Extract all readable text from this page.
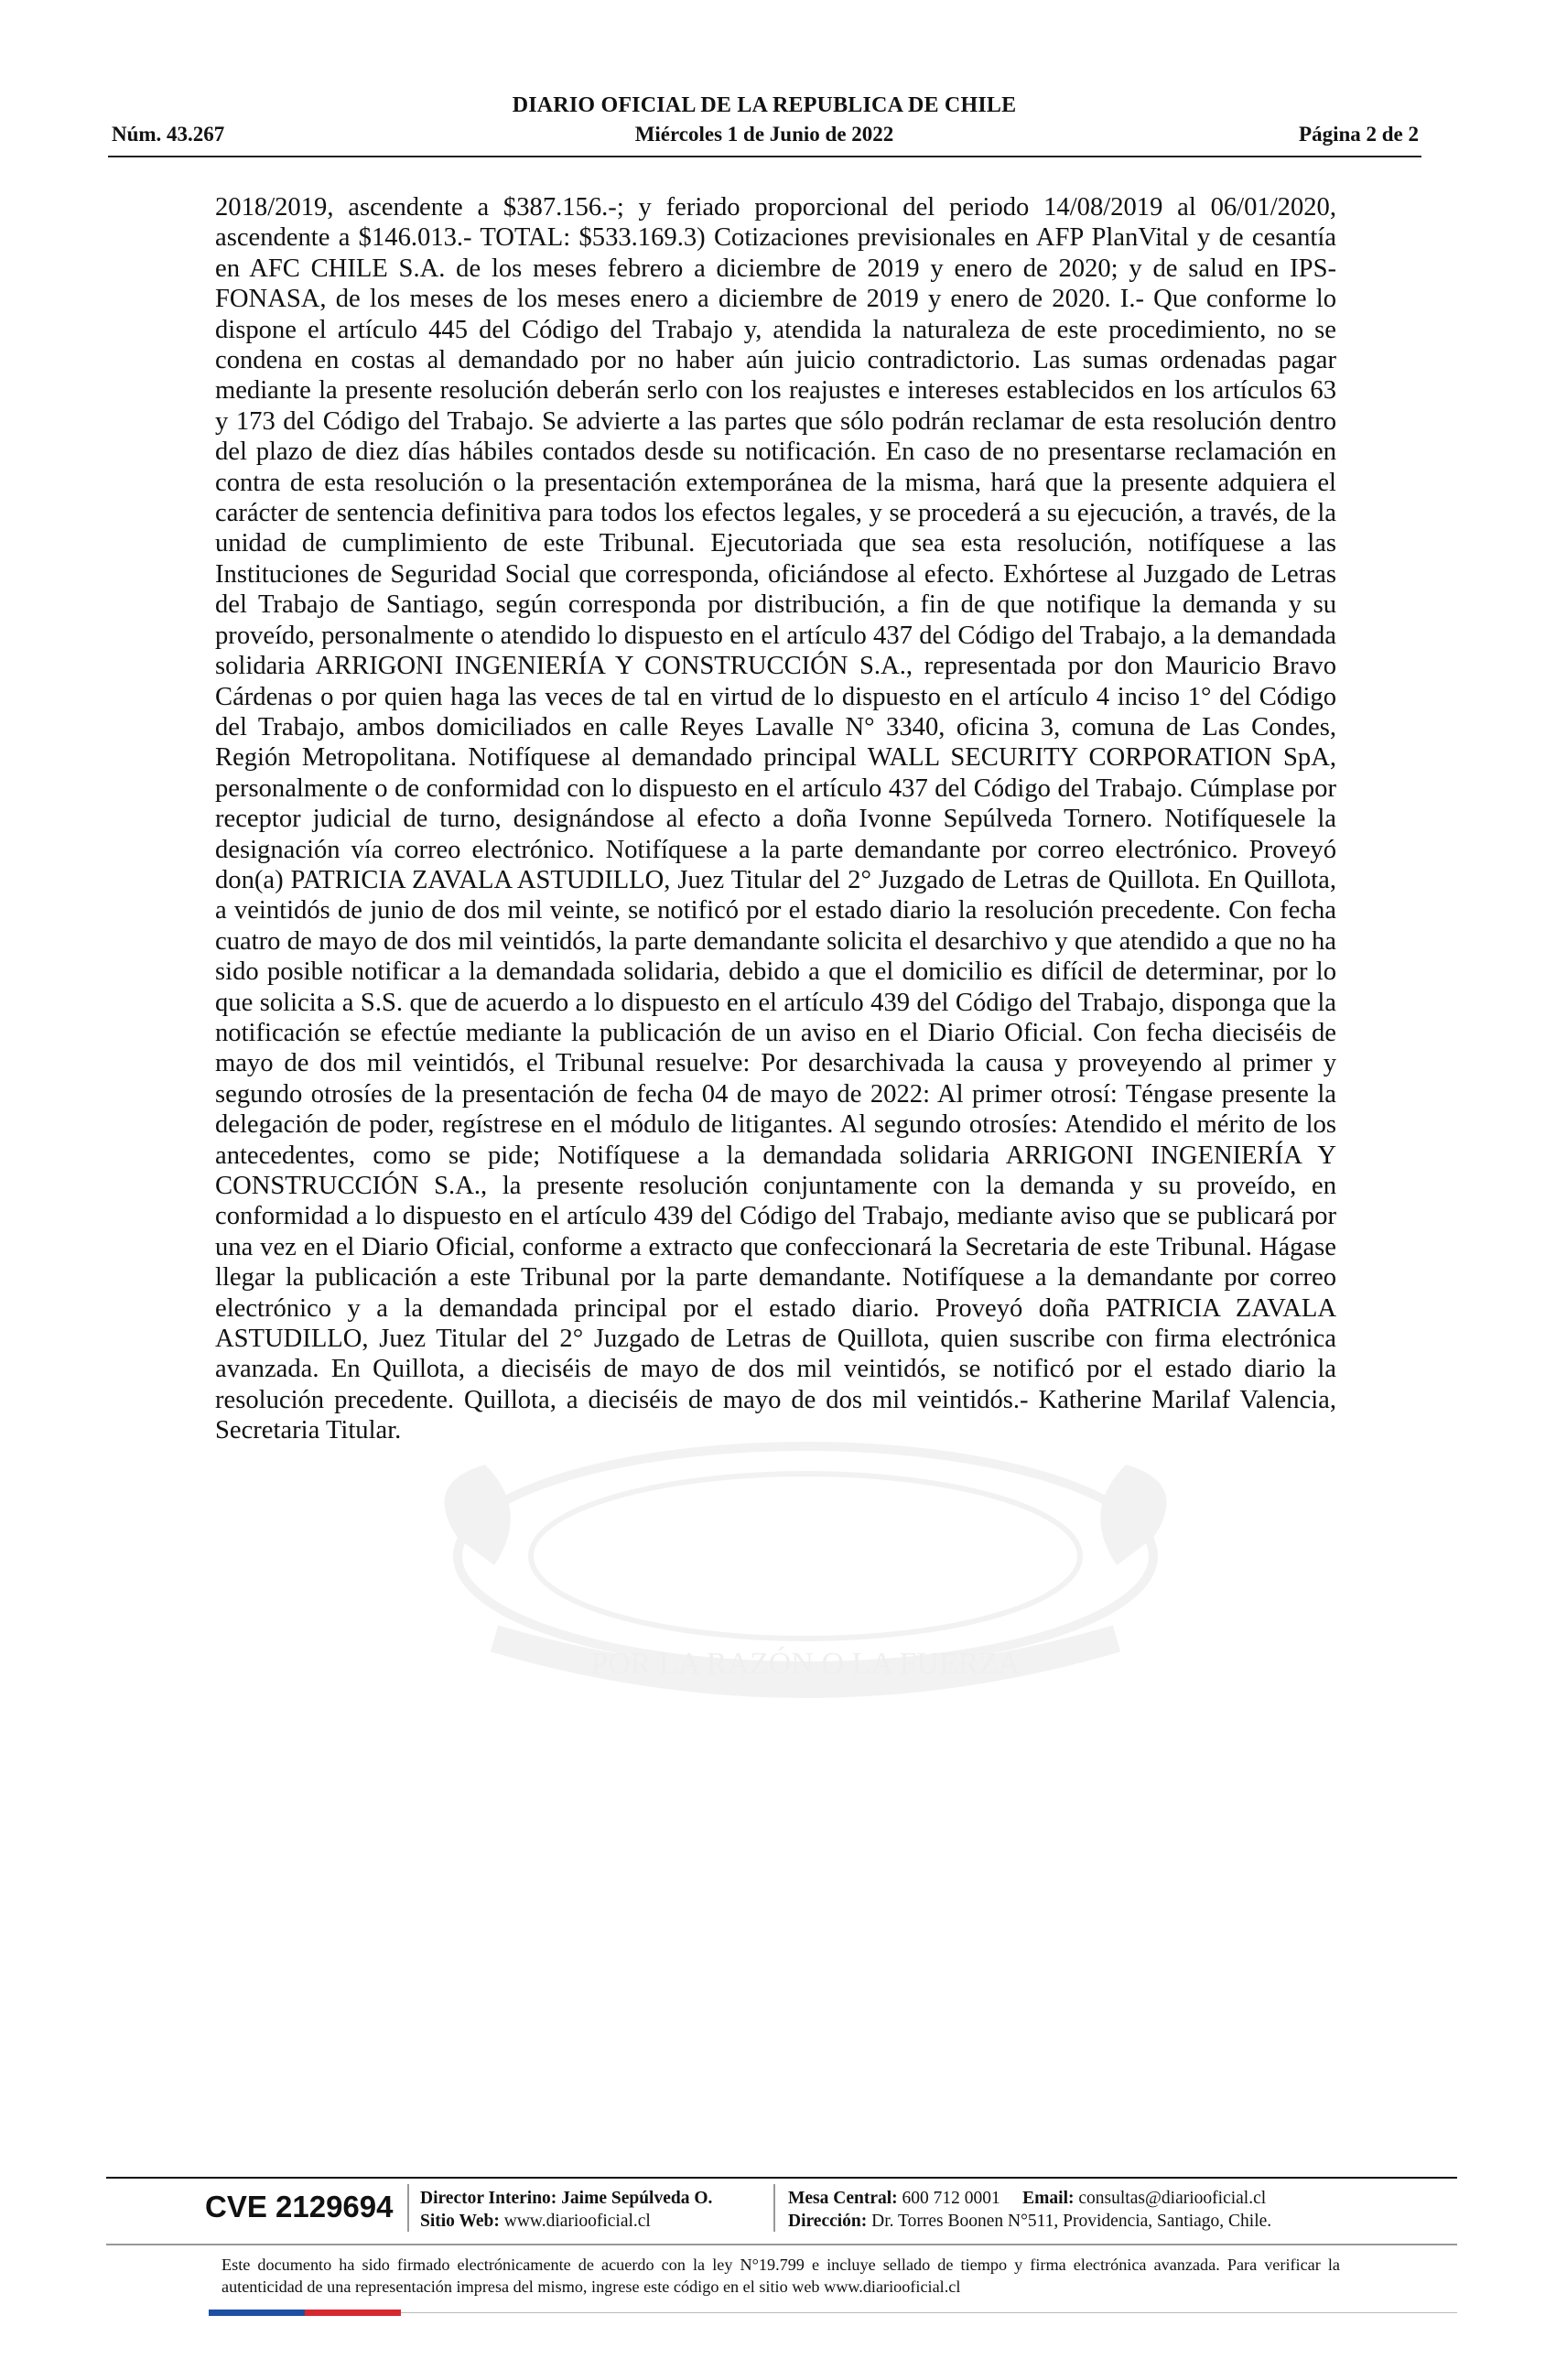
DIARIO OFICIAL DE LA REPUBLICA DE CHILE
Núm. 43.267	Miércoles 1 de Junio de 2022	Página 2 de 2
POR LA RAZÓN O LA FUERZA

2018/2019, ascendente a $387.156.-; y feriado proporcional del periodo 14/08/2019 al 06/01/2020, ascendente a $146.013.- TOTAL: $533.169.3) Cotizaciones previsionales en AFP PlanVital y de cesantía en AFC CHILE S.A. de los meses febrero a diciembre de 2019 y enero de 2020; y de salud en IPS-FONASA, de los meses de los meses enero a diciembre de 2019 y enero de 2020. I.- Que conforme lo dispone el artículo 445 del Código del Trabajo y, atendida la naturaleza de este procedimiento, no se condena en costas al demandado por no haber aún juicio contradictorio. Las sumas ordenadas pagar mediante la presente resolución deberán serlo con los reajustes e intereses establecidos en los artículos 63 y 173 del Código del Trabajo. Se advierte a las partes que sólo podrán reclamar de esta resolución dentro del plazo de diez días hábiles contados desde su notificación. En caso de no presentarse reclamación en contra de esta resolución o la presentación extemporánea de la misma, hará que la presente adquiera el carácter de sentencia definitiva para todos los efectos legales, y se procederá a su ejecución, a través, de la unidad de cumplimiento de este Tribunal. Ejecutoriada que sea esta resolución, notifíquese a las Instituciones de Seguridad Social que corresponda, oficiándose al efecto. Exhórtese al Juzgado de Letras del Trabajo de Santiago, según corresponda por distribución, a fin de que notifique la demanda y su proveído, personalmente o atendido lo dispuesto en el artículo 437 del Código del Trabajo, a la demandada solidaria ARRIGONI INGENIERÍA Y CONSTRUCCIÓN S.A., representada por don Mauricio Bravo Cárdenas o por quien haga las veces de tal en virtud de lo dispuesto en el artículo 4 inciso 1° del Código del Trabajo, ambos domiciliados en calle Reyes Lavalle N° 3340, oficina 3, comuna de Las Condes, Región Metropolitana. Notifíquese al demandado principal WALL SECURITY CORPORATION SpA, personalmente o de conformidad con lo dispuesto en el artículo 437 del Código del Trabajo. Cúmplase por receptor judicial de turno, designándose al efecto a doña Ivonne Sepúlveda Tornero. Notifíquesele la designación vía correo electrónico. Notifíquese a la parte demandante por correo electrónico. Proveyó don(a) PATRICIA ZAVALA ASTUDILLO, Juez Titular del 2° Juzgado de Letras de Quillota. En Quillota, a veintidós de junio de dos mil veinte, se notificó por el estado diario la resolución precedente. Con fecha cuatro de mayo de dos mil veintidós, la parte demandante solicita el desarchivo y que atendido a que no ha sido posible notificar a la demandada solidaria, debido a que el domicilio es difícil de determinar, por lo que solicita a S.S. que de acuerdo a lo dispuesto en el artículo 439 del Código del Trabajo, disponga que la notificación se efectúe mediante la publicación de un aviso en el Diario Oficial. Con fecha dieciséis de mayo de dos mil veintidós, el Tribunal resuelve: Por desarchivada la causa y proveyendo al primer y segundo otrosíes de la presentación de fecha 04 de mayo de 2022: Al primer otrosí: Téngase presente la delegación de poder, regístrese en el módulo de litigantes. Al segundo otrosíes: Atendido el mérito de los antecedentes, como se pide; Notifíquese a la demandada solidaria ARRIGONI INGENIERÍA Y CONSTRUCCIÓN S.A., la presente resolución conjuntamente con la demanda y su proveído, en conformidad a lo dispuesto en el artículo 439 del Código del Trabajo, mediante aviso que se publicará por una vez en el Diario Oficial, conforme a extracto que confeccionará la Secretaria de este Tribunal. Hágase llegar la publicación a este Tribunal por la parte demandante. Notifíquese a la demandante por correo electrónico y a la demandada principal por el estado diario. Proveyó doña PATRICIA ZAVALA ASTUDILLO, Juez Titular del 2° Juzgado de Letras de Quillota, quien suscribe con firma electrónica avanzada. En Quillota, a dieciséis de mayo de dos mil veintidós, se notificó por el estado diario la resolución precedente. Quillota, a dieciséis de mayo de dos mil veintidós.- Katherine Marilaf Valencia, Secretaria Titular.

CVE 2129694 Director Interino: Jaime Sepúlveda O.
Sitio Web: www.diariooficial.cl
Mesa Central: 600 712 0001 Email: consultas@diariooficial.cl
Dirección: Dr. Torres Boonen N°511, Providencia, Santiago, Chile.
Este documento ha sido firmado electrónicamente de acuerdo con la ley N°19.799 e incluye sellado de tiempo y firma electrónica avanzada. Para verificar la autenticidad de una representación impresa del mismo, ingrese este código en el sitio web www.diariooficial.cl
